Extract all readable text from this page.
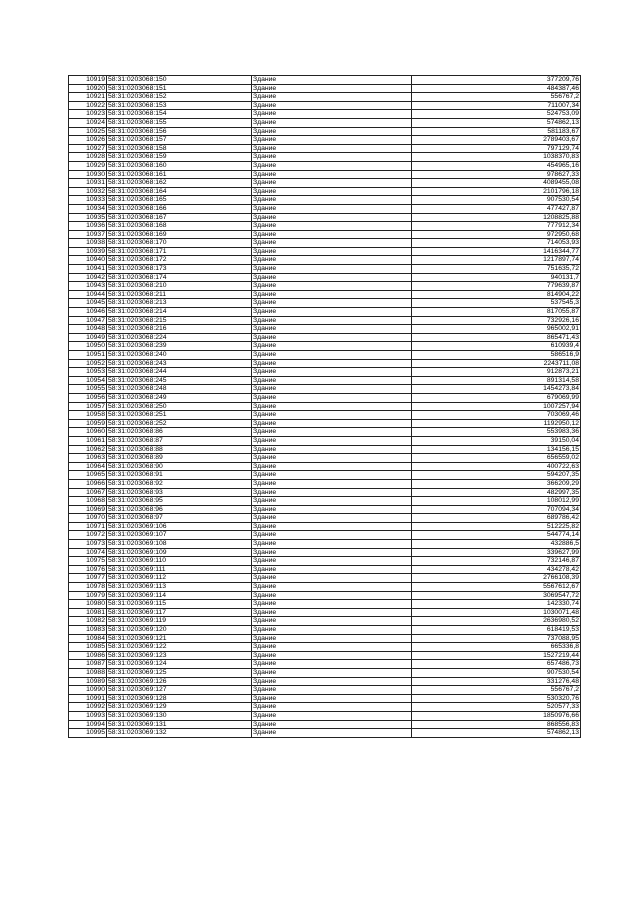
10919	58:31:0203068:150	Здание	377209,76
10920	58:31:0203068:151	Здание	484387,46
10921	58:31:0203068:152	Здание	556767,2
10922	58:31:0203068:153	Здание	711007,34
10923	58:31:0203068:154	Здание	524753,09
10924	58:31:0203068:155	Здание	574862,13
10925	58:31:0203068:156	Здание	581183,67
10926	58:31:0203068:157	Здание	2789403,67
10927	58:31:0203068:158	Здание	797129,74
10928	58:31:0203068:159	Здание	1038370,83
10929	58:31:0203068:160	Здание	454965,16
10930	58:31:0203068:161	Здание	978627,33
10931	58:31:0203068:162	Здание	4089455,08
10932	58:31:0203068:164	Здание	2101796,18
10933	58:31:0203068:165	Здание	907530,54
10934	58:31:0203068:166	Здание	477427,87
10935	58:31:0203068:167	Здание	1208825,88
10936	58:31:0203068:168	Здание	777912,34
10937	58:31:0203068:169	Здание	972950,68
10938	58:31:0203068:170	Здание	714053,93
10939	58:31:0203068:171	Здание	1416344,77
10940	58:31:0203068:172	Здание	1217897,74
10941	58:31:0203068:173	Здание	751635,72
10942	58:31:0203068:174	Здание	940131,7
10943	58:31:0203068:210	Здание	779639,87
10944	58:31:0203068:211	Здание	814904,22
10945	58:31:0203068:213	Здание	537545,3
10946	58:31:0203068:214	Здание	817055,87
10947	58:31:0203068:215	Здание	732926,16
10948	58:31:0203068:216	Здание	965002,91
10949	58:31:0203068:224	Здание	865471,43
10950	58:31:0203068:239	Здание	610939,4
10951	58:31:0203068:240	Здание	586516,9
10952	58:31:0203068:243	Здание	2243711,08
10953	58:31:0203068:244	Здание	912873,21
10954	58:31:0203068:245	Здание	891314,58
10955	58:31:0203068:248	Здание	1454273,84
10956	58:31:0203068:249	Здание	679069,99
10957	58:31:0203068:250	Здание	1007257,94
10958	58:31:0203068:251	Здание	703069,46
10959	58:31:0203068:252	Здание	1192950,12
10960	58:31:0203068:86	Здание	553983,36
10961	58:31:0203068:87	Здание	39150,04
10962	58:31:0203068:88	Здание	134156,15
10963	58:31:0203068:89	Здание	656559,02
10964	58:31:0203068:90	Здание	400722,63
10965	58:31:0203068:91	Здание	594207,35
10966	58:31:0203068:92	Здание	366209,29
10967	58:31:0203068:93	Здание	482997,35
10968	58:31:0203068:95	Здание	108012,99
10969	58:31:0203068:96	Здание	707094,34
10970	58:31:0203068:97	Здание	689786,42
10971	58:31:0203069:106	Здание	512225,82
10972	58:31:0203069:107	Здание	544774,14
10973	58:31:0203069:108	Здание	432886,5
10974	58:31:0203069:109	Здание	339627,99
10975	58:31:0203069:110	Здание	732146,87
10976	58:31:0203069:111	Здание	434278,42
10977	58:31:0203069:112	Здание	2766108,39
10978	58:31:0203069:113	Здание	5567612,67
10979	58:31:0203069:114	Здание	3069547,72
10980	58:31:0203069:115	Здание	142330,74
10981	58:31:0203069:117	Здание	1030071,48
10982	58:31:0203069:119	Здание	2636980,52
10983	58:31:0203069:120	Здание	618419,53
10984	58:31:0203069:121	Здание	737088,95
10985	58:31:0203069:122	Здание	665336,8
10986	58:31:0203069:123	Здание	1527219,44
10987	58:31:0203069:124	Здание	657486,73
10988	58:31:0203069:125	Здание	907530,54
10989	58:31:0203069:126	Здание	331276,48
10990	58:31:0203069:127	Здание	556767,2
10991	58:31:0203069:128	Здание	530320,76
10992	58:31:0203069:129	Здание	520577,33
10993	58:31:0203069:130	Здание	1850976,66
10994	58:31:0203069:131	Здание	868556,83
10995	58:31:0203069:132	Здание	574862,13
